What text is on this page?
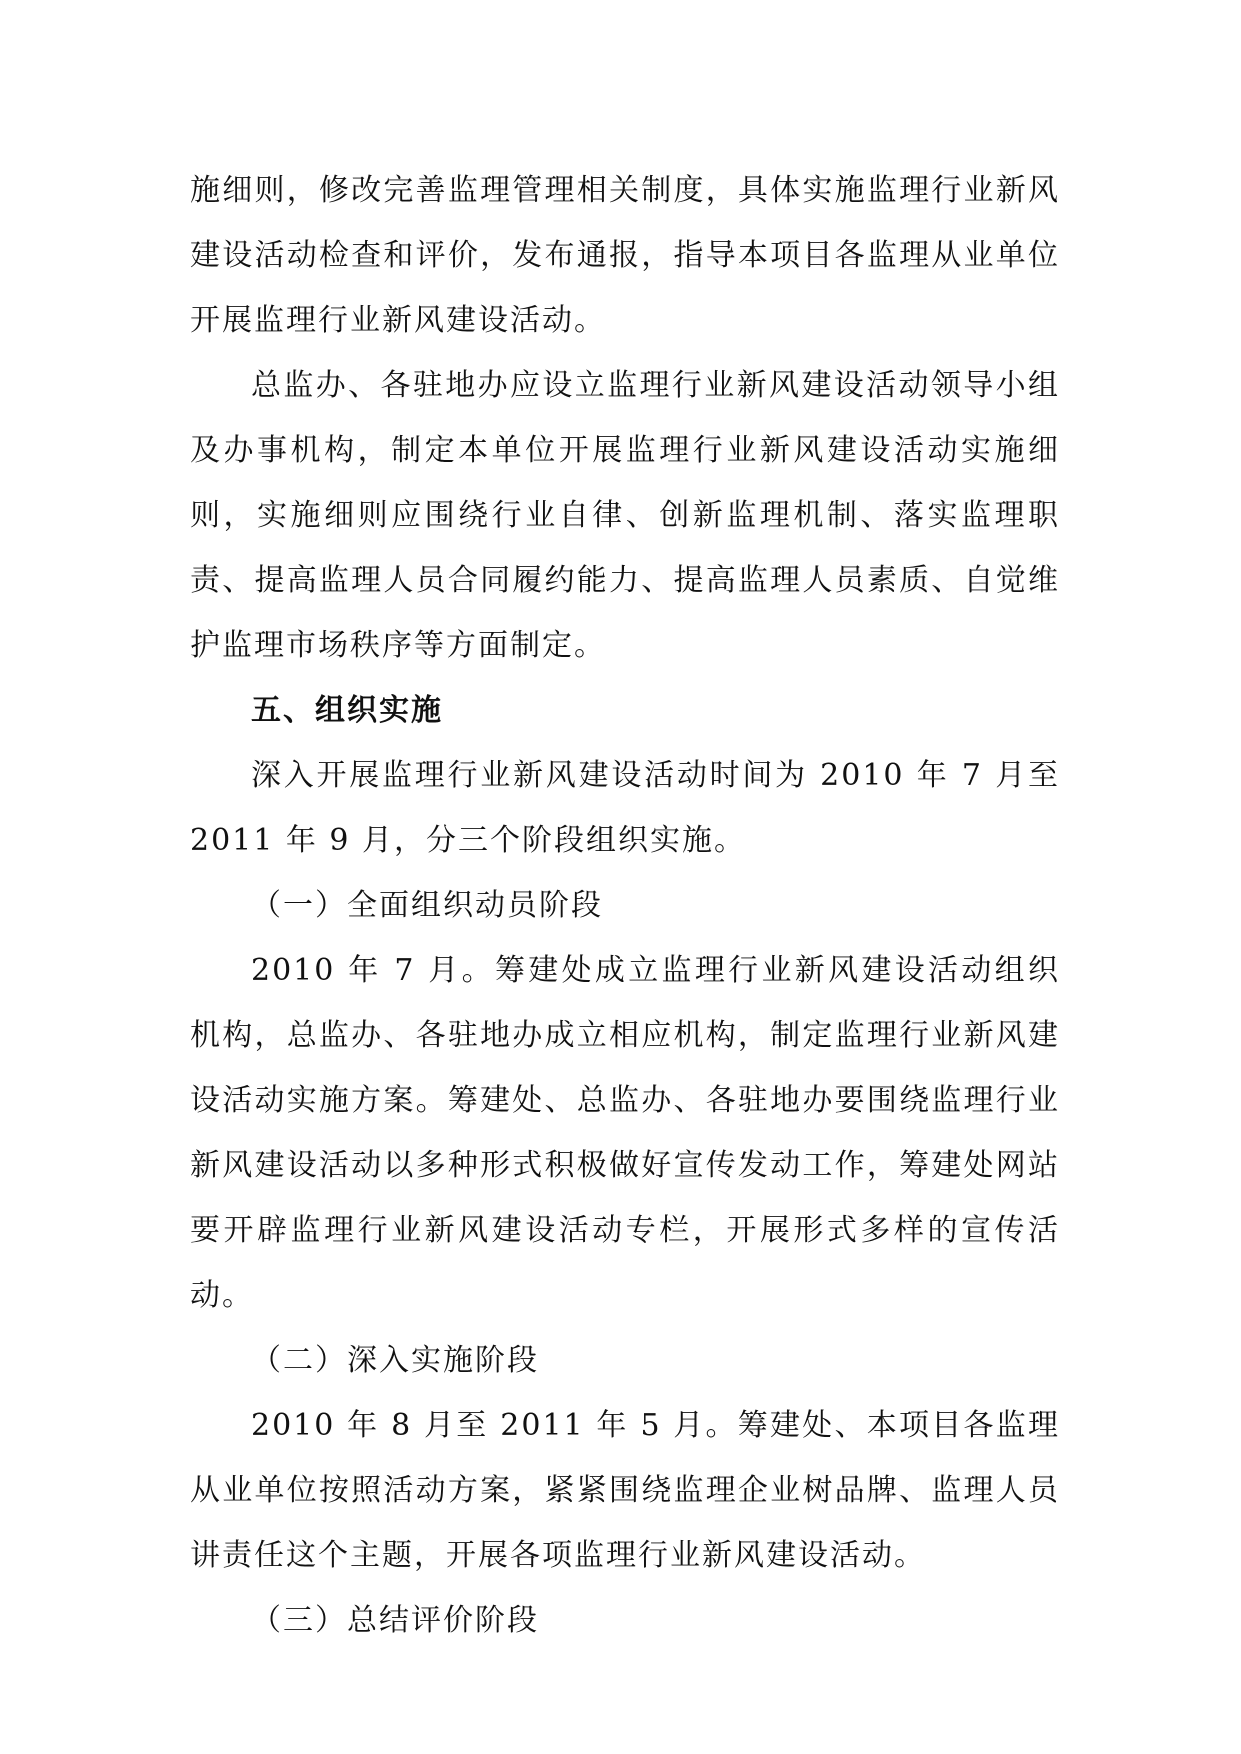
施细则，修改完善监理管理相关制度，具体实施监理行业新风建设活动检查和评价，发布通报，指导本项目各监理从业单位开展监理行业新风建设活动。

总监办、各驻地办应设立监理行业新风建设活动领导小组及办事机构，制定本单位开展监理行业新风建设活动实施细则，实施细则应围绕行业自律、创新监理机制、落实监理职责、提高监理人员合同履约能力、提高监理人员素质、自觉维护监理市场秩序等方面制定。

五、组织实施

深入开展监理行业新风建设活动时间为 2010 年 7 月至 2011 年 9 月，分三个阶段组织实施。

（一）全面组织动员阶段

2010 年 7 月。筹建处成立监理行业新风建设活动组织机构，总监办、各驻地办成立相应机构，制定监理行业新风建设活动实施方案。筹建处、总监办、各驻地办要围绕监理行业新风建设活动以多种形式积极做好宣传发动工作，筹建处网站要开辟监理行业新风建设活动专栏，开展形式多样的宣传活动。

（二）深入实施阶段

2010 年 8 月至 2011 年 5 月。筹建处、本项目各监理从业单位按照活动方案，紧紧围绕监理企业树品牌、监理人员讲责任这个主题，开展各项监理行业新风建设活动。

（三）总结评价阶段
